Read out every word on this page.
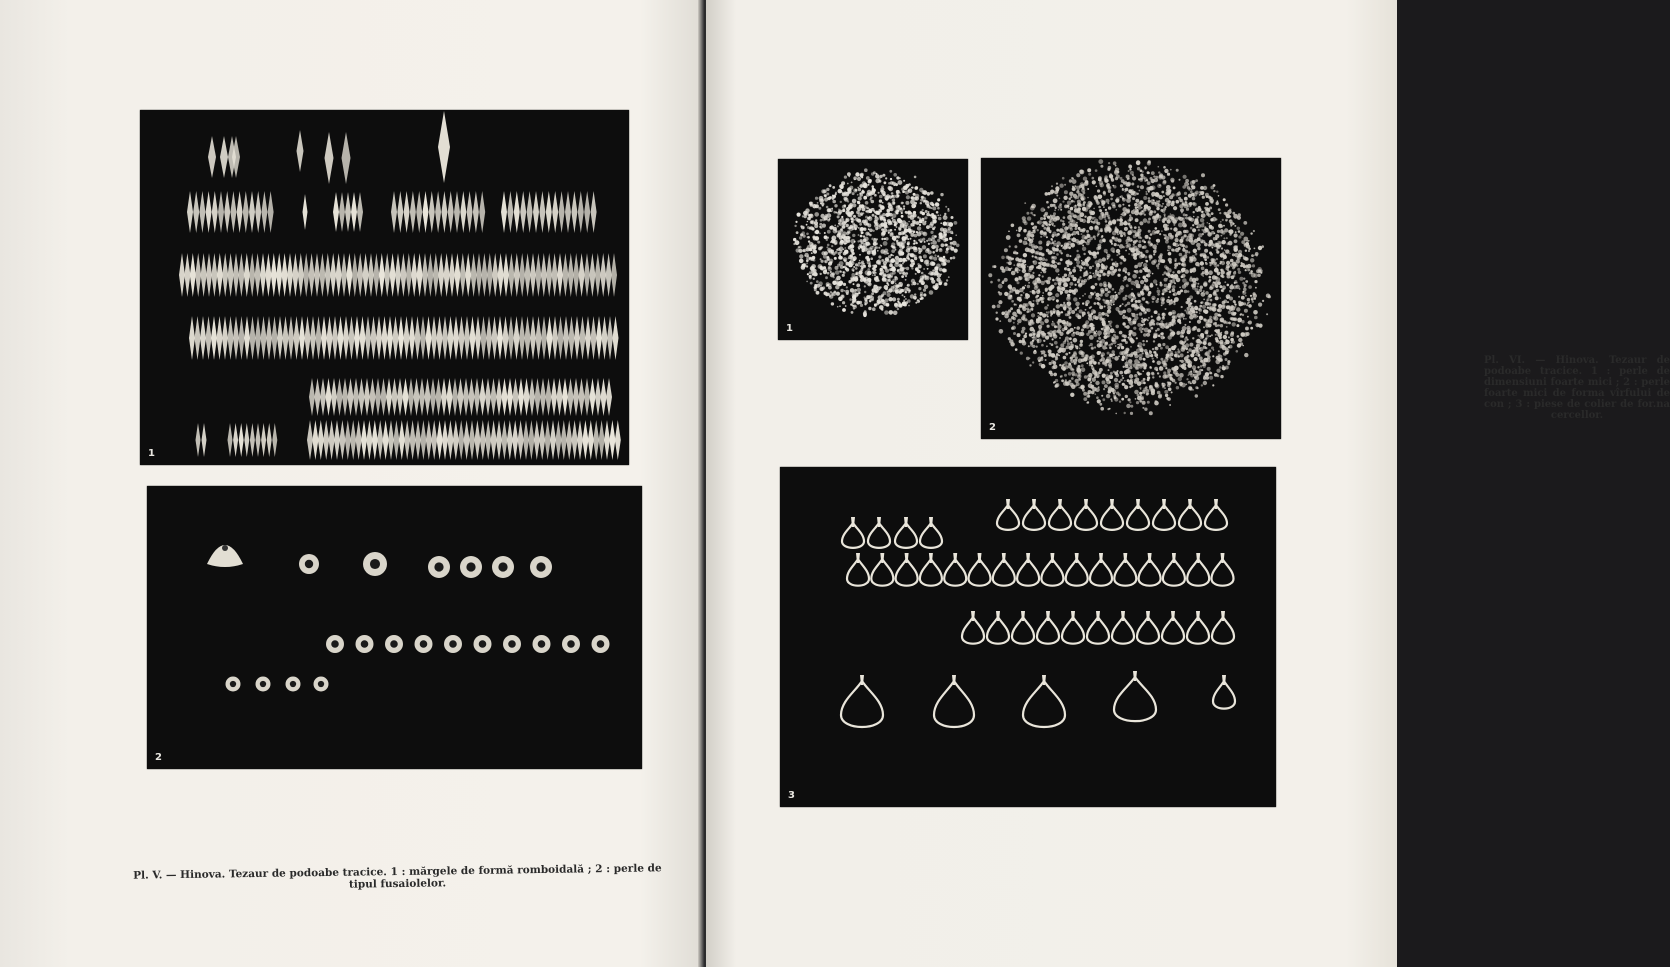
1
2
Pl. V. — Hinova. Tezaur de podoabe tracice. 1 : mărgele de formă romboidală ; 2 : perle de tipul fusaiolelor.
1
2
Pl. VI. — Hinova. Tezaur de podoabe tracice. 1 : perle de dimensiuni foarte mici ; 2 : perle foarte mici de forma vîrfului de con ; 3 : piese de colier de for.na cercellor.
3
